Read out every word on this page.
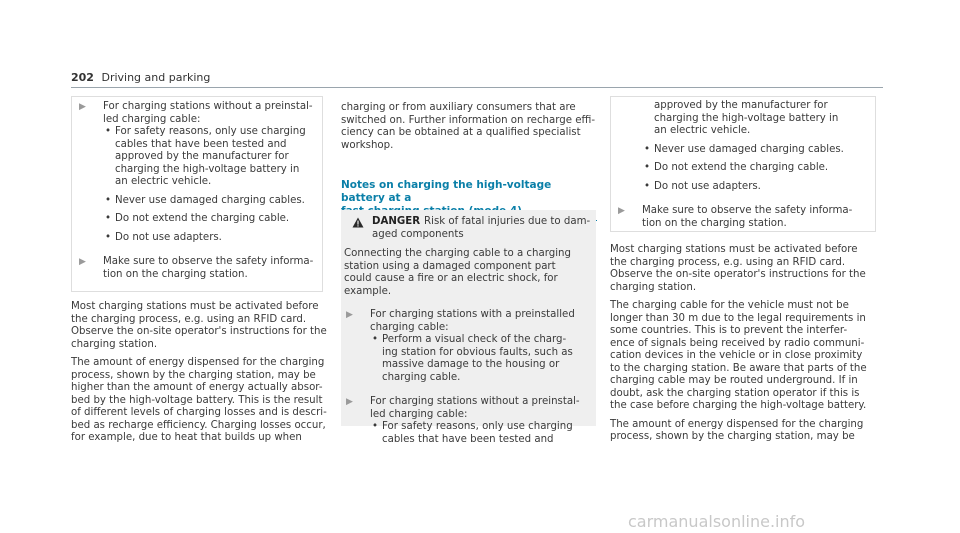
202 Driving and parking
▶	For charging stations without a preinstal-

led charging cable:

• For safety reasons, only use charging

cables that have been tested and

approved by the manufacturer for

charging the high-voltage battery in

an electric vehicle.

• Never use damaged charging cables.

• Do not extend the charging cable.

• Do not use adapters.

▶	Make sure to observe the safety informa-

tion on the charging station.

Most charging stations must be activated before

the charging process, e.g. using an RFID card.

Observe the on-site operator's instructions for the

charging station.

The amount of energy dispensed for the charging

process, shown by the charging station, may be

higher than the amount of energy actually absor-

bed by the high-voltage battery. This is the result

of different levels of charging losses and is descri-

bed as recharge efficiency. Charging losses occur,

for example, due to heat that builds up when

charging or from auxiliary consumers that are

switched on. Further information on recharge effi-

ciency can be obtained at a qualified specialist

workshop.

Notes on charging the high-voltage battery at a

DANGER Risk of fatal injuries due to dam-

aged components

Connecting the charging cable to a charging

station using a damaged component part

could cause a fire or an electric shock, for

example.

▶	For charging stations with a preinstalled

charging cable:

• Perform a visual check of the charg-

ing station for obvious faults, such as

massive damage to the housing or

charging cable.

▶	For charging stations without a preinstal-

led charging cable:

• For safety reasons, only use charging

cables that have been tested and

approved by the manufacturer for

charging the high-voltage battery in

an electric vehicle.

• Never use damaged charging cables.

• Do not extend the charging cable.

• Do not use adapters.

▶	Make sure to observe the safety informa-

tion on the charging station.

Most charging stations must be activated before

the charging process, e.g. using an RFID card.

Observe the on-site operator's instructions for the

charging station.

The charging cable for the vehicle must not be

longer than 30 m due to the legal requirements in

some countries. This is to prevent the interfer-

ence of signals being received by radio communi-

cation devices in the vehicle or in close proximity

to the charging station. Be aware that parts of the

charging cable may be routed underground. If in

doubt, ask the charging station operator if this is

the case before charging the high-voltage battery.

The amount of energy dispensed for the charging

process, shown by the charging station, may be

carmanualsonline.info
